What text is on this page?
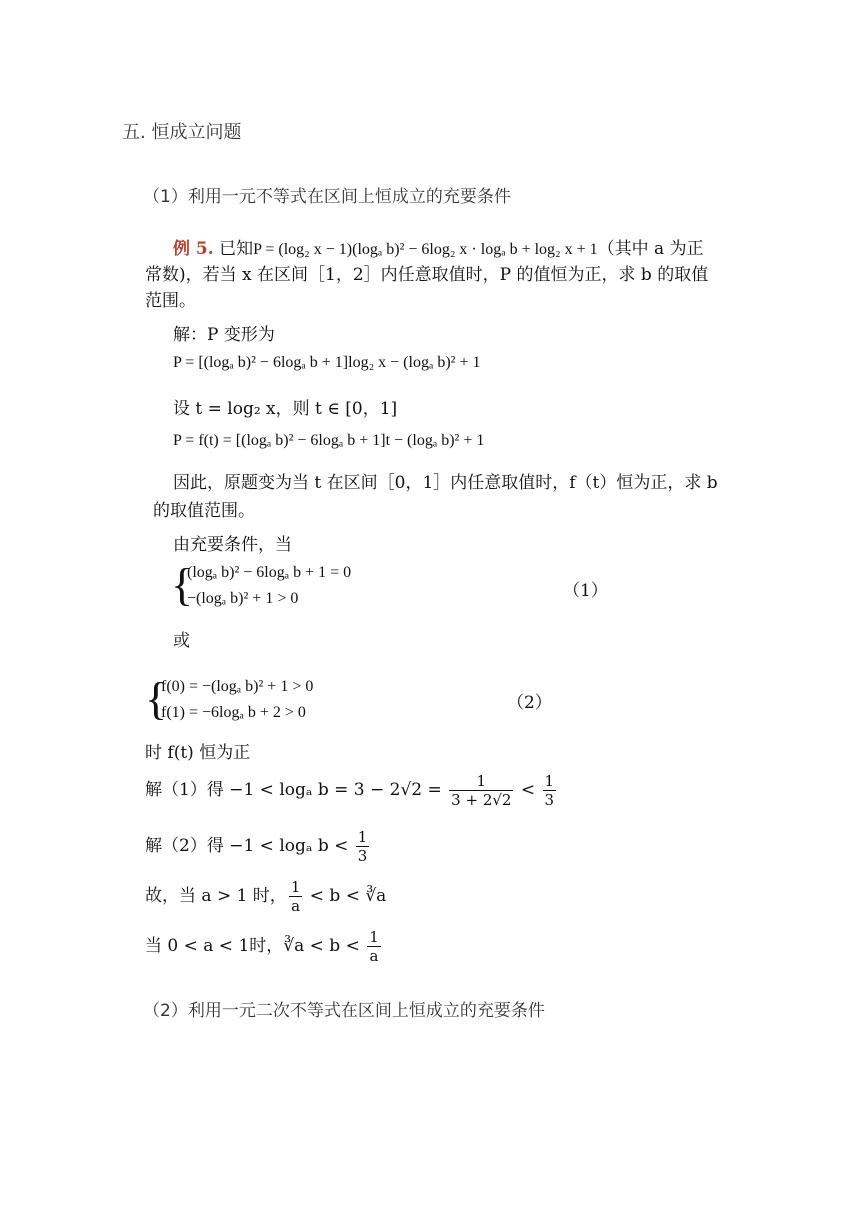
五. 恒成立问题
（1）利用一元不等式在区间上恒成立的充要条件
例 5. 已知P = (log₂ x − 1)(logₐ b)² − 6log₂ x · logₐ b + log₂ x + 1（其中 a 为正
常数)，若当 x 在区间［1，2］内任意取值时，P 的值恒为正，求 b 的取值
范围。
解：P 变形为
P = [(logₐ b)² − 6logₐ b + 1]log₂ x − (logₐ b)² + 1
设 t = log₂ x，则 t ∈ [0，1]
P = f(t) = [(logₐ b)² − 6logₐ b + 1]t − (logₐ b)² + 1
因此，原题变为当 t 在区间［0，1］内任意取值时，f（t）恒为正，求 b
的取值范围。
由充要条件，当
{
(logₐ b)² − 6logₐ b + 1 = 0
−(logₐ b)² + 1 > 0	（1）
或
{
f(0) = −(logₐ b)² + 1 > 0
f(1) = −6logₐ b + 2 > 0	（2）
时 f(t) 恒为正
解（1）得 −1 < logₐ $b = 3 - 2√2 = \frac{1}{3 + 2√2} < \frac{1}{3}$
解（2）得 −1 < logₐ $b < \frac{1}{3}$
故，当 a > 1 时， $\frac{1}{a} < b$ < ∛a
当 0 < a < 1时，∛a < $b < \frac{1}{a}$
（2）利用一元二次不等式在区间上恒成立的充要条件
